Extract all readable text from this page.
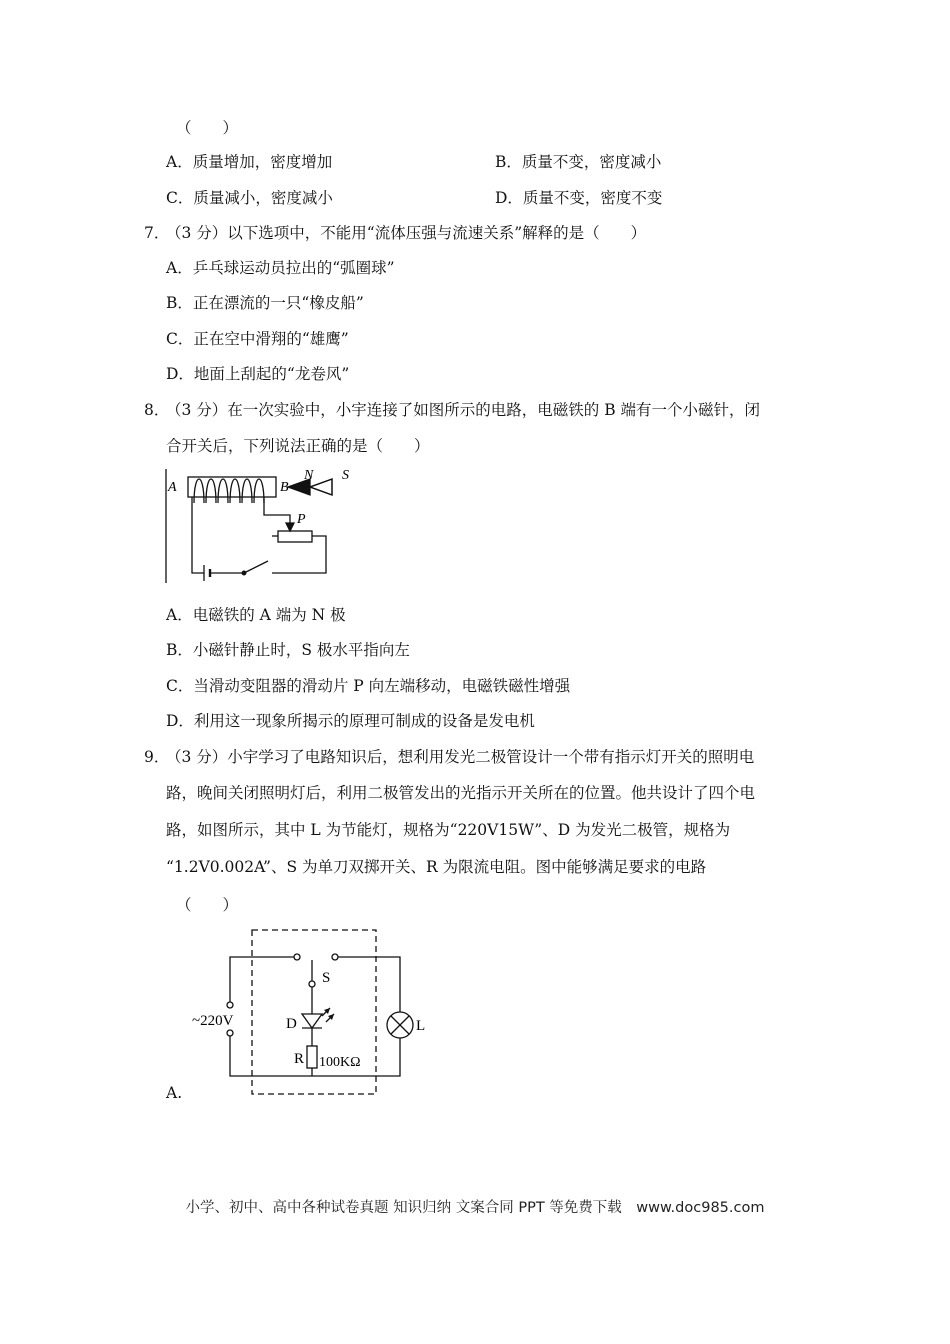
（　　）
A．质量增加，密度增加	B．质量不变，密度减小
C．质量减小，密度减小	D．质量不变，密度不变
7．
（3 分）以下选项中，不能用“流体压强与流速关系”解释的是（　　）
A．乒乓球运动员拉出的“弧圈球”
B．正在漂流的一只“橡皮船”
C．正在空中滑翔的“雄鹰”
D．地面上刮起的“龙卷风”
8．
（3 分）在一次实验中，小宇连接了如图所示的电路，电磁铁的 B 端有一个小磁针，闭
合开关后，下列说法正确的是（　　）
A	B
N S
P
A．电磁铁的 A 端为 N 极
B．小磁针静止时，S 极水平指向左
C．当滑动变阻器的滑动片 P 向左端移动，电磁铁磁性增强
D．利用这一现象所揭示的原理可制成的设备是发电机
9．
（3 分）小宇学习了电路知识后，想利用发光二极管设计一个带有指示灯开关的照明电
路，晚间关闭照明灯后，利用二极管发出的光指示开关所在的位置。他共设计了四个电
路，如图所示，其中 L 为节能灯，规格为“220V15W”、D 为发光二极管，规格为
“1.2V0.002A”、S 为单刀双掷开关、R 为限流电阻。图中能够满足要求的电路
（　　）
~220V
S
D
R 100KΩ
L
A.
小学、初中、高中各种试卷真题 知识归纳 文案合同 PPT 等免费下载　www.doc985.com
